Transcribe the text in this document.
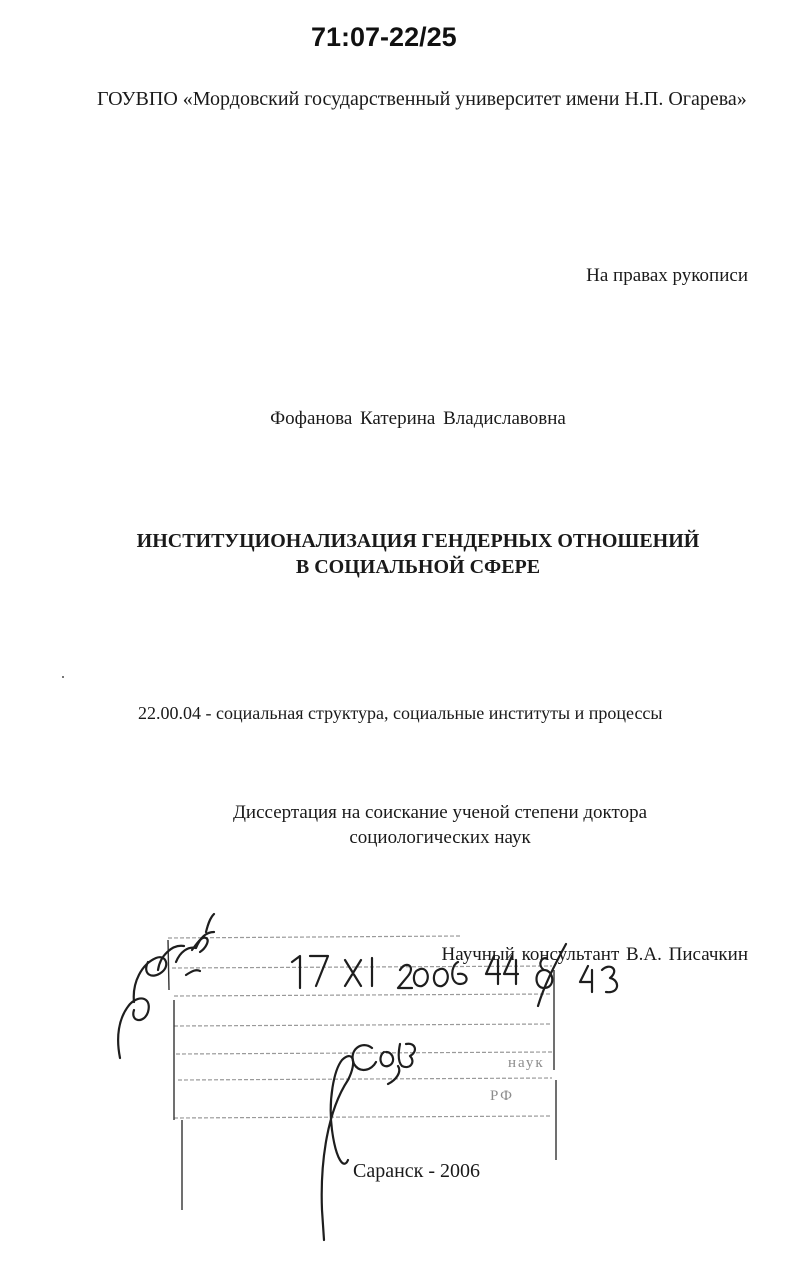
71:07-22/25
ГОУВПО «Мордовский государственный университет имени Н.П. Огарева»
На правах рукописи
Фофанова Катерина Владиславовна
ИНСТИТУЦИОНАЛИЗАЦИЯ ГЕНДЕРНЫХ ОТНОШЕНИЙ
В СОЦИАЛЬНОЙ СФЕРЕ
22.00.04 - социальная структура, социальные институты и процессы
Диссертация на соискание ученой степени доктора
социологических наук
наук
РФ
Научный консультант В.А. Писачкин
Саранск - 2006
